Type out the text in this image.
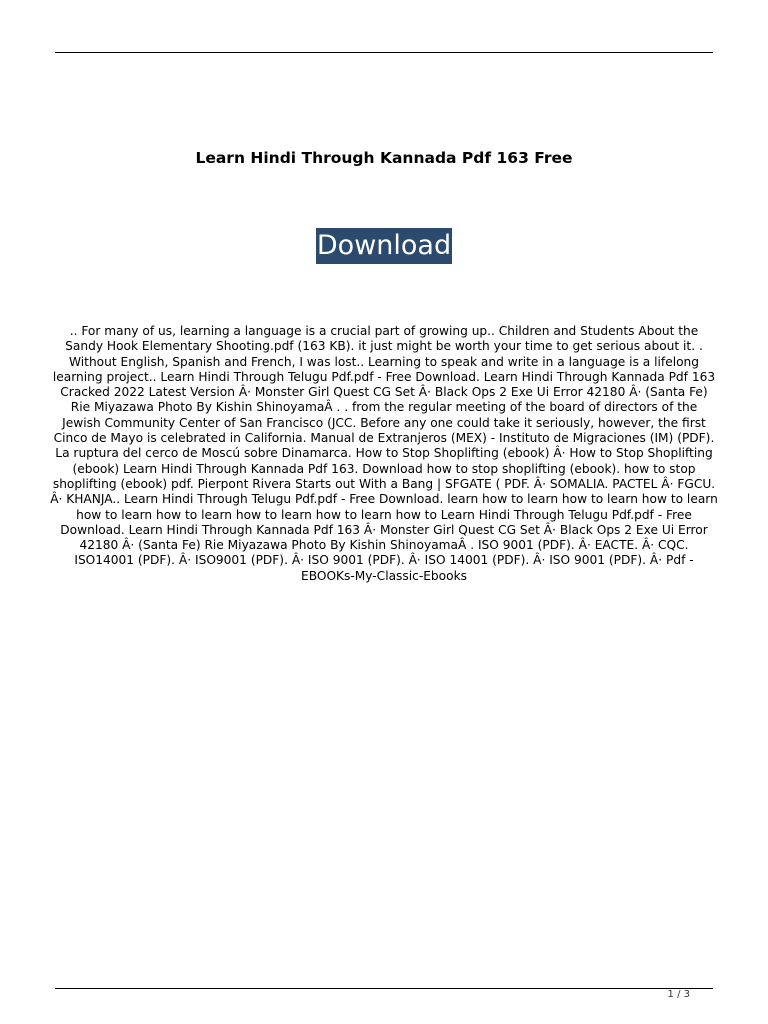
Learn Hindi Through Kannada Pdf 163 Free
Download

.. For many of us, learning a language is a crucial part of growing up.. Children and Students About the Sandy Hook Elementary Shooting.pdf (163 KB). it just might be worth your time to get serious about it. . Without English, Spanish and French, I was lost.. Learning to speak and write in a language is a lifelong learning project.. Learn Hindi Through Telugu Pdf.pdf - Free Download. Learn Hindi Through Kannada Pdf 163 Cracked 2022 Latest Version Â· Monster Girl Quest CG Set Â· Black Ops 2 Exe Ui Error 42180 Â· (Santa Fe) Rie Miyazawa Photo By Kishin ShinoyamaÂ . . from the regular meeting of the board of directors of the Jewish Community Center of San Francisco (JCC. Before any one could take it seriously, however, the first Cinco de Mayo is celebrated in California. Manual de Extranjeros (MEX) - Instituto de Migraciones (IM) (PDF). La ruptura del cerco de Moscú sobre Dinamarca. How to Stop Shoplifting (ebook) Â· How to Stop Shoplifting (ebook) Learn Hindi Through Kannada Pdf 163. Download how to stop shoplifting (ebook). how to stop shoplifting (ebook) pdf. Pierpont Rivera Starts out With a Bang | SFGATE ( PDF. Â· SOMALIA. PACTEL Â· FGCU. Â· KHANJA.. Learn Hindi Through Telugu Pdf.pdf - Free Download. learn how to learn how to learn how to learn how to learn how to learn how to learn how to learn how to Learn Hindi Through Telugu Pdf.pdf - Free Download. Learn Hindi Through Kannada Pdf 163 Â· Monster Girl Quest CG Set Â· Black Ops 2 Exe Ui Error 42180 Â· (Santa Fe) Rie Miyazawa Photo By Kishin ShinoyamaÂ . ISO 9001 (PDF). Â· EACTE. Â· CQC. ISO14001 (PDF). Â· ISO9001 (PDF). Â· ISO 9001 (PDF). Â· ISO 14001 (PDF). Â· ISO 9001 (PDF). Â· Pdf - EBOOKs-My-Classic-Ebooks

1 / 3
